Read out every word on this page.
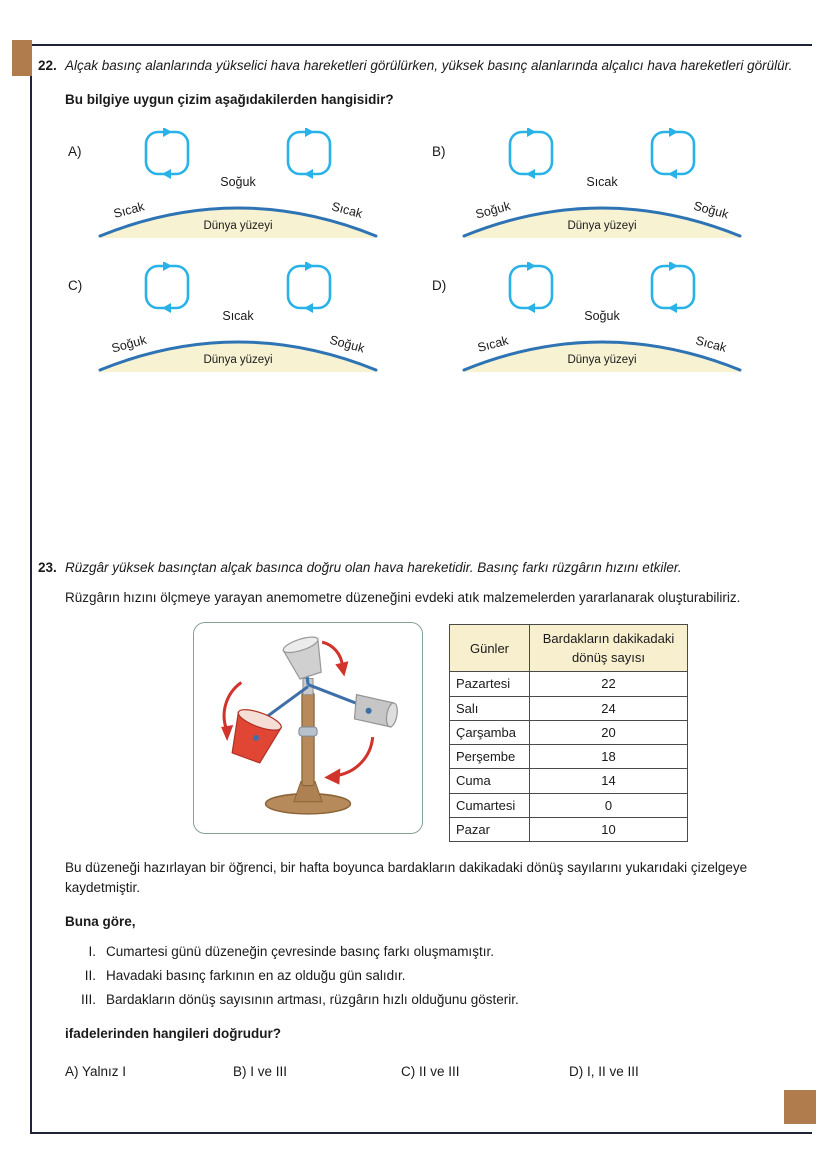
22. Alçak basınç alanlarında yükselici hava hareketleri görülürken, yüksek basınç alanlarında alçalıcı hava hareketleri görülür.
Bu bilgiye uygun çizim aşağıdakilerden hangisidir?
A)
Dünya yüzeyi
Soğuk
Sıcak	Sıcak
B)
Dünya yüzeyi
Sıcak
Soğuk	Soğuk
C)
Dünya yüzeyi
Sıcak
Soğuk	Soğuk
D)
Dünya yüzeyi
Soğuk
Sıcak	Sıcak
23. Rüzgâr yüksek basınçtan alçak basınca doğru olan hava hareketidir. Basınç farkı rüzgârın hızını etkiler.
Rüzgârın hızını ölçmeye yarayan anemometre düzeneğini evdeki atık malzemelerden yararlanarak oluşturabiliriz.
Günler	Bardakların dakikadaki dönüş sayısı
Pazartesi	22
Salı	24
Çarşamba	20
Perşembe	18
Cuma	14
Cumartesi	0
Pazar	10
Bu düzeneği hazırlayan bir öğrenci, bir hafta boyunca bardakların dakikadaki dönüş sayılarını yukarıdaki çizelgeye kaydetmiştir.
Buna göre,
I. Cumartesi günü düzeneğin çevresinde basınç farkı oluşmamıştır.
II. Havadaki basınç farkının en az olduğu gün salıdır.
III. Bardakların dönüş sayısının artması, rüzgârın hızlı olduğunu gösterir.
ifadelerinden hangileri doğrudur?
A) Yalnız I	B) I ve III	C) II ve III	D) I, II ve III
